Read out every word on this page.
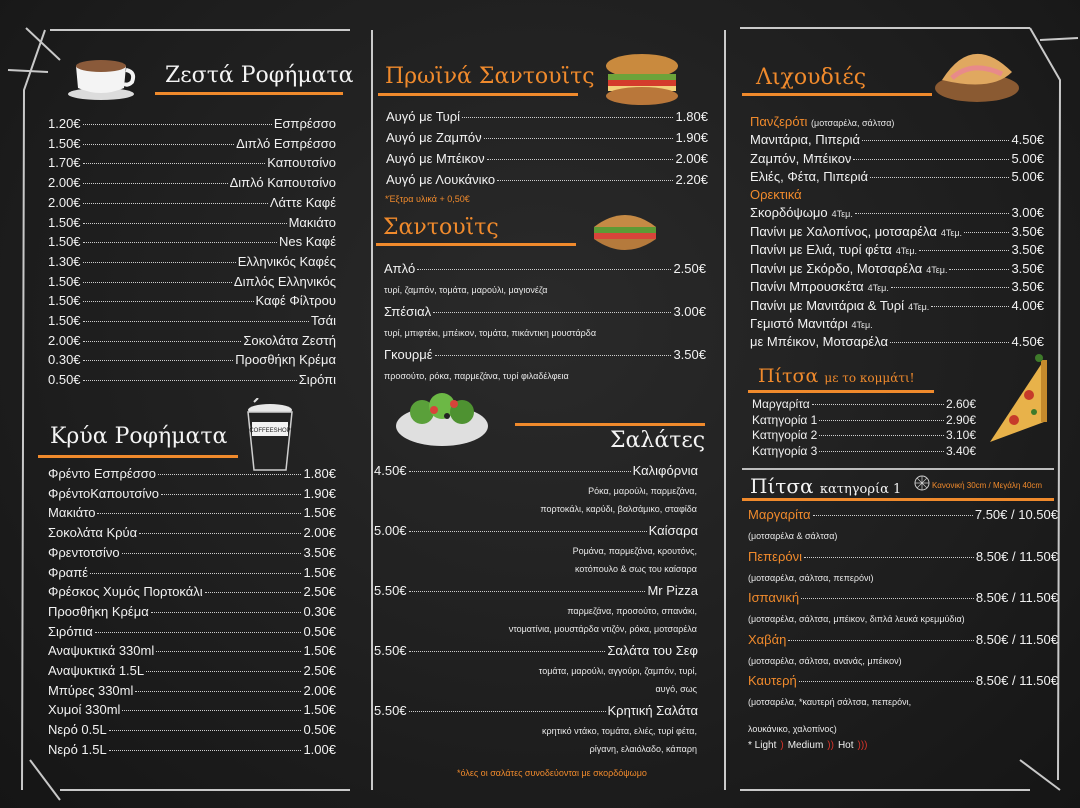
Ζεστά Ροφήματα
Κρύα Ροφήματα	COFFEESHOP
Πρωϊνά Σαντουϊτς
*Έξτρα υλικά + 0,50€
Σαντουϊτς
Σαλάτες
*όλες οι σαλάτες συνοδεύονται με σκορδόψωμο
Λιχουδιές
Πανζερότι
(μοτσαρέλα, σάλτσα)
Ορεκτικά
Γεμιστό Μανιτάρι
4Τεμ.
με Μπέικον, Μοτσαρέλα	4.50€
Πίτσα με το κομμάτι!
Πίτσα κατηγορία 1	Κανονική 30cm / Μεγάλη 40cm
λουκάνικο, χαλοπίνος)
* Light ) Medium )) Hot )))
1.20€	Εσπρέσσο
1.50€	Διπλό Εσπρέσσο
1.70€	Καπουτσίνο
2.00€	Διπλό Καπουτσίνο
2.00€	Λάττε Καφέ
1.50€	Μακιάτο
1.50€	Nes Καφέ
1.30€	Ελληνικός Καφές
1.50€	Διπλός Ελληνικός
1.50€	Καφέ Φίλτρου
1.50€	Τσάι
2.00€	Σοκολάτα Ζεστή
0.30€	Προσθήκη Κρέμα
0.50€	Σιρόπι
Φρέντο Εσπρέσσο	1.80€
ΦρέντοΚαπουτσίνο	1.90€
Μακιάτο	1.50€
Σοκολάτα Κρύα	2.00€
Φρεντοτσίνο	3.50€
Φραπέ	1.50€
Φρέσκος Χυμός Πορτοκάλι	2.50€
Προσθήκη Κρέμα	0.30€
Σιρόπια	0.50€
Αναψυκτικά 330ml	1.50€
Αναψυκτικά 1.5L	2.50€
Μπύρες 330ml	2.00€
Χυμοί 330ml	1.50€
Νερό 0.5L	0.50€
Νερό 1.5L	1.00€
Αυγό με Τυρί	1.80€
Αυγό με Ζαμπόν	1.90€
Αυγό με Μπέικον	2.00€
Αυγό με Λουκάνικο	2.20€
Απλό	2.50€
τυρί, ζαμπόν, τομάτα, μαρούλι, μαγιονέζα
Σπέσιαλ	3.00€
τυρί, μπιφτέκι, μπέικον, τομάτα, πικάντικη μουστάρδα
Γκουρμέ	3.50€
προσούτο, ρόκα, παρμεζάνα, τυρί φιλαδέλφεια
4.50€	Καλιφόρνια
Ρόκα, μαρούλι, παρμεζάνα,
πορτοκάλι, καρύδι, βαλσάμικο, σταφίδα
5.00€	Καίσαρα
Ρομάνα, παρμεζάνα, κρουτόνς,
κοτόπουλο & σως του καίσαρα
5.50€	Mr Pizza
παρμεζάνα, προσούτο, σπανάκι,
ντοματίνια, μουστάρδα ντιζόν, ρόκα, μοτσαρέλα
5.50€	Σαλάτα του Σεφ
τομάτα, μαρούλι, αγγούρι, ζαμπόν, τυρί,
αυγό, σως
5.50€	Κρητική Σαλάτα
κρητικό ντάκο, τομάτα, ελιές, τυρί φέτα,
ρίγανη, ελαιόλαδο, κάπαρη
Μανιτάρια, Πιπεριά	4.50€
Ζαμπόν, Μπέικον	5.00€
Ελιές, Φέτα, Πιπεριά	5.00€
Σκορδόψωμο 4Τεμ.	3.00€
Πανίνι με Χαλοπίνος, μοτσαρέλα 4Τεμ.	3.50€
Πανίνι με Ελιά, τυρί φέτα 4Τεμ.	3.50€
Πανίνι με Σκόρδο, Μοτσαρέλα 4Τεμ.	3.50€
Πανίνι Μπρουσκέτα 4Τεμ.	3.50€
Πανίνι με Μανιτάρια & Τυρί 4Τεμ.	4.00€
Μαργαρίτα	2.60€
Κατηγορία 1	2.90€
Κατηγορία 2	3.10€
Κατηγορία 3	3.40€
Μαργαρίτα	7.50€ / 10.50€
(μοτσαρέλα & σάλτσα)
Πεπερόνι	8.50€ / 11.50€
(μοτσαρέλα, σάλτσα, πεπερόνι)
Ισπανική	8.50€ / 11.50€
(μοτσαρέλα, σάλτσα, μπέικον, διπλά λευκά κρεμμύδια)
Χαβάη	8.50€ / 11.50€
(μοτσαρέλα, σάλτσα, ανανάς, μπέικον)
Καυτερή	8.50€ / 11.50€
(μοτσαρέλα, *καυτερή σάλτσα, πεπερόνι,
